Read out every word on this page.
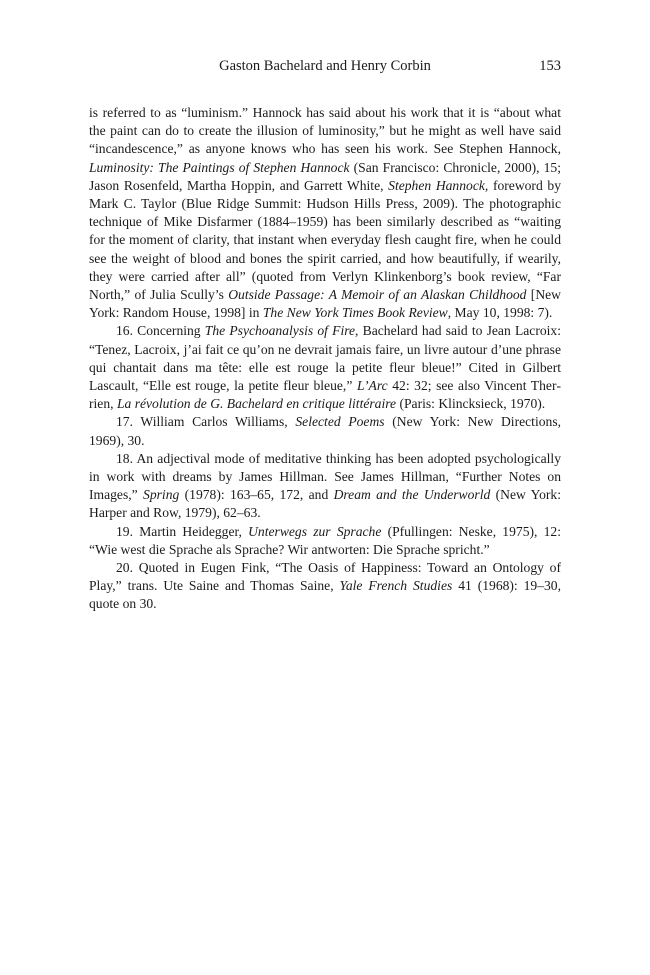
Gaston Bachelard and Henry Corbin	153

is referred to as “luminism.” Hannock has said about his work that it is “about what the paint can do to create the illusion of luminosity,” but he might as well have said “incandescence,” as anyone knows who has seen his work. See Stephen Hannock, Luminosity: The Paintings of Stephen Hannock (San Francisco: Chronicle, 2000), 15; Jason Rosenfeld, Martha Hoppin, and Garrett White, Stephen Hannock, foreword by Mark C. Taylor (Blue Ridge Summit: Hudson Hills Press, 2009). The photographic technique of Mike Disfarmer (1884–1959) has been similarly described as “waiting for the moment of clarity, that instant when everyday flesh caught fire, when he could see the weight of blood and bones the spirit carried, and how beautifully, if wearily, they were carried after all” (quoted from Verlyn Klinkenborg’s book review, “Far North,” of Julia Scully’s Outside Passage: A Memoir of an Alaskan Childhood [New York: Random House, 1998] in The New York Times Book Review, May 10, 1998: 7).

16. Concerning The Psychoanalysis of Fire, Bachelard had said to Jean Lacroix: “Tenez, Lacroix, j’ai fait ce qu’on ne devrait jamais faire, un livre autour d’une phrase qui chantait dans ma tête: elle est rouge la petite fleur bleue!” Cited in Gilbert Lascault, “Elle est rouge, la petite fleur bleue,” L’Arc 42: 32; see also Vincent Therrien, La révolution de G. Bachelard en critique littéraire (Paris: Klincksieck, 1970).

17. William Carlos Williams, Selected Poems (New York: New Directions, 1969), 30.

18. An adjectival mode of meditative thinking has been adopted psychologically in work with dreams by James Hillman. See James Hillman, “Further Notes on Images,” Spring (1978): 163–65, 172, and Dream and the Underworld (New York: Harper and Row, 1979), 62–63.

19. Martin Heidegger, Unterwegs zur Sprache (Pfullingen: Neske, 1975), 12: “Wie west die Sprache als Sprache? Wir antworten: Die Sprache spricht.”

20. Quoted in Eugen Fink, “The Oasis of Happiness: Toward an Ontology of Play,” trans. Ute Saine and Thomas Saine, Yale French Studies 41 (1968): 19–30, quote on 30.
